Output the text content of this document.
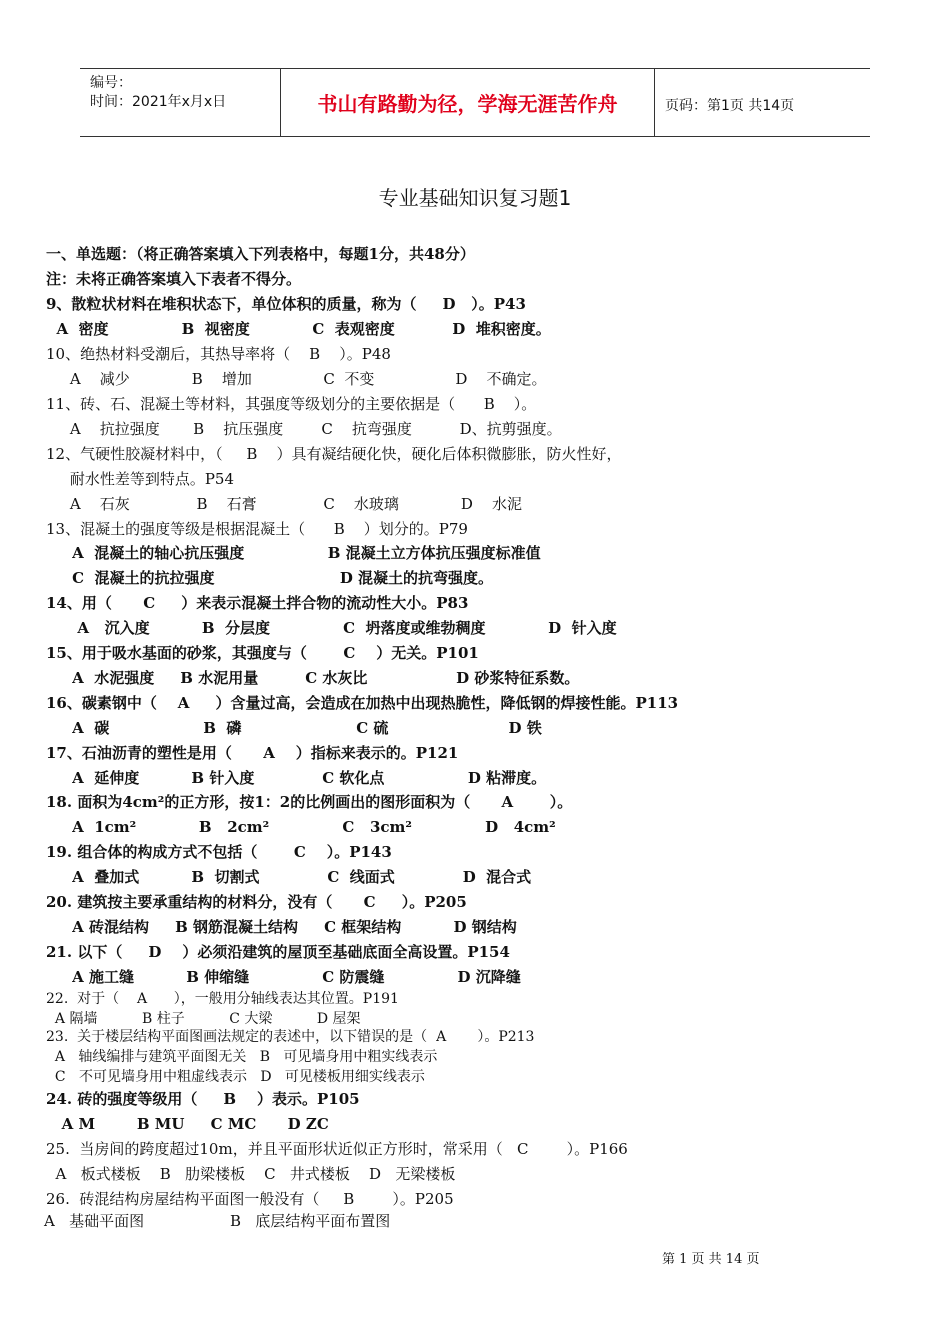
编号：
时间：2021年x月x日	书山有路勤为径，学海无涯苦作舟	页码：第1页 共14页
专业基础知识复习题1
一、单选题：（将正确答案填入下列表格中，每题1分，共48分）
注：未将正确答案填入下表者不得分。
9、散粒状材料在堆积状态下，单位体积的质量，称为（     D   ）。P43
A  密度              B  视密度            C  表观密度           D  堆积密度。
10、绝热材料受潮后，其热导率将（    B    ）。P48
A    减少             B    增加               C  不变                 D    不确定。
11、砖、石、混凝土等材料，其强度等级划分的主要依据是（      B    ）。
A    抗拉强度       B    抗压强度        C    抗弯强度          D、抗剪强度。
12、气硬性胶凝材料中，（     B    ）具有凝结硬化快，硬化后体积微膨胀，防火性好，
耐水性差等到特点。P54
A    石灰              B    石膏              C    水玻璃             D    水泥
13、混凝土的强度等级是根据混凝土（      B    ）划分的。P79
A  混凝土的轴心抗压强度                B 混凝土立方体抗压强度标准值
C  混凝土的抗拉强度                        D 混凝土的抗弯强度。
14、用（      C     ）来表示混凝土拌合物的流动性大小。P83
A   沉入度          B  分层度              C  坍落度或维勃稠度            D  针入度
15、用于吸水基面的砂浆，其强度与（       C    ）无关。P101
A  水泥强度     B 水泥用量         C 水灰比                 D 砂浆特征系数。
16、碳素钢中（    A     ）含量过高，会造成在加热中出现热脆性，降低钢的焊接性能。P113
A  碳                  B  磷                      C 硫                       D 铁
17、石油沥青的塑性是用（      A    ）指标来表示的。P121
A  延伸度          B 针入度             C 软化点                D 粘滞度。
18. 面积为4cm²的正方形，按1：2的比例画出的图形面积为（      A       ）。
A  1cm²            B   2cm²              C   3cm²              D   4cm²
19. 组合体的构成方式不包括（       C    ）。P143
A  叠加式          B  切割式             C  线面式             D  混合式
20. 建筑按主要承重结构的材料分，没有（      C     ）。P205
A 砖混结构     B 钢筋混凝土结构     C 框架结构          D 钢结构
21. 以下（     D    ）必须沿建筑的屋顶至基础底面全高设置。P154
A 施工缝          B 伸缩缝              C 防震缝              D 沉降缝
22.  对于（    A      ），一般用分轴线表达其位置。P191
A 隔墙          B 柱子          C 大梁          D 屋架
23.  关于楼层结构平面图画法规定的表述中，以下错误的是（  A       ）。P213
A   轴线编排与建筑平面图无关   B   可见墙身用中粗实线表示
C   不可见墙身用中粗虚线表示   D   可见楼板用细实线表示
24. 砖的强度等级用（     B    ）表示。P105
A M        B MU     C MC      D ZC
25.  当房间的跨度超过10m，并且平面形状近似正方形时，常采用（   C        ）。P166
A   板式楼板    B   肋梁楼板    C   井式楼板    D   无梁楼板
26.  砖混结构房屋结构平面图一般没有（     B        ）。P205
A   基础平面图                  B   底层结构平面布置图
第 1 页 共 14 页
